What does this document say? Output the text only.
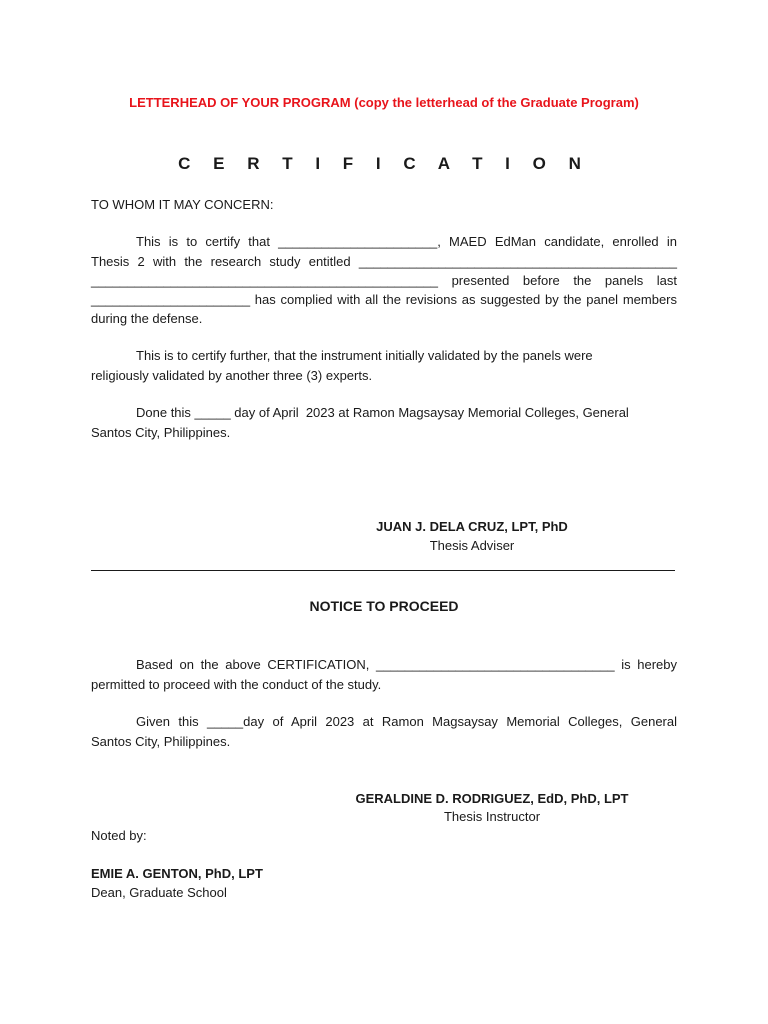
LETTERHEAD OF YOUR PROGRAM (copy the letterhead of the Graduate Program)
C E R T I F I C A T I O N
TO WHOM IT MAY CONCERN:
This is to certify that ______________________, MAED EdMan candidate, enrolled in
Thesis 2 with the research study entitled ____________________________________________
________________________________________________ presented before the panels last
______________________ has complied with all the revisions as suggested by the panel members
during the defense.
This is to certify further, that the instrument initially validated by the panels were
religiously validated by another three (3) experts.
Done this _____ day of April  2023 at Ramon Magsaysay Memorial Colleges, General
Santos City, Philippines.
JUAN J. DELA CRUZ, LPT, PhD
Thesis Adviser
NOTICE TO PROCEED
Based on the above CERTIFICATION, _________________________________ is hereby
permitted to proceed with the conduct of the study.
Given this _____day of April 2023 at Ramon Magsaysay Memorial Colleges, General
Santos City, Philippines.
GERALDINE D. RODRIGUEZ, EdD, PhD, LPT
Thesis Instructor
Noted by:
EMIE A. GENTON, PhD, LPT
Dean, Graduate School
